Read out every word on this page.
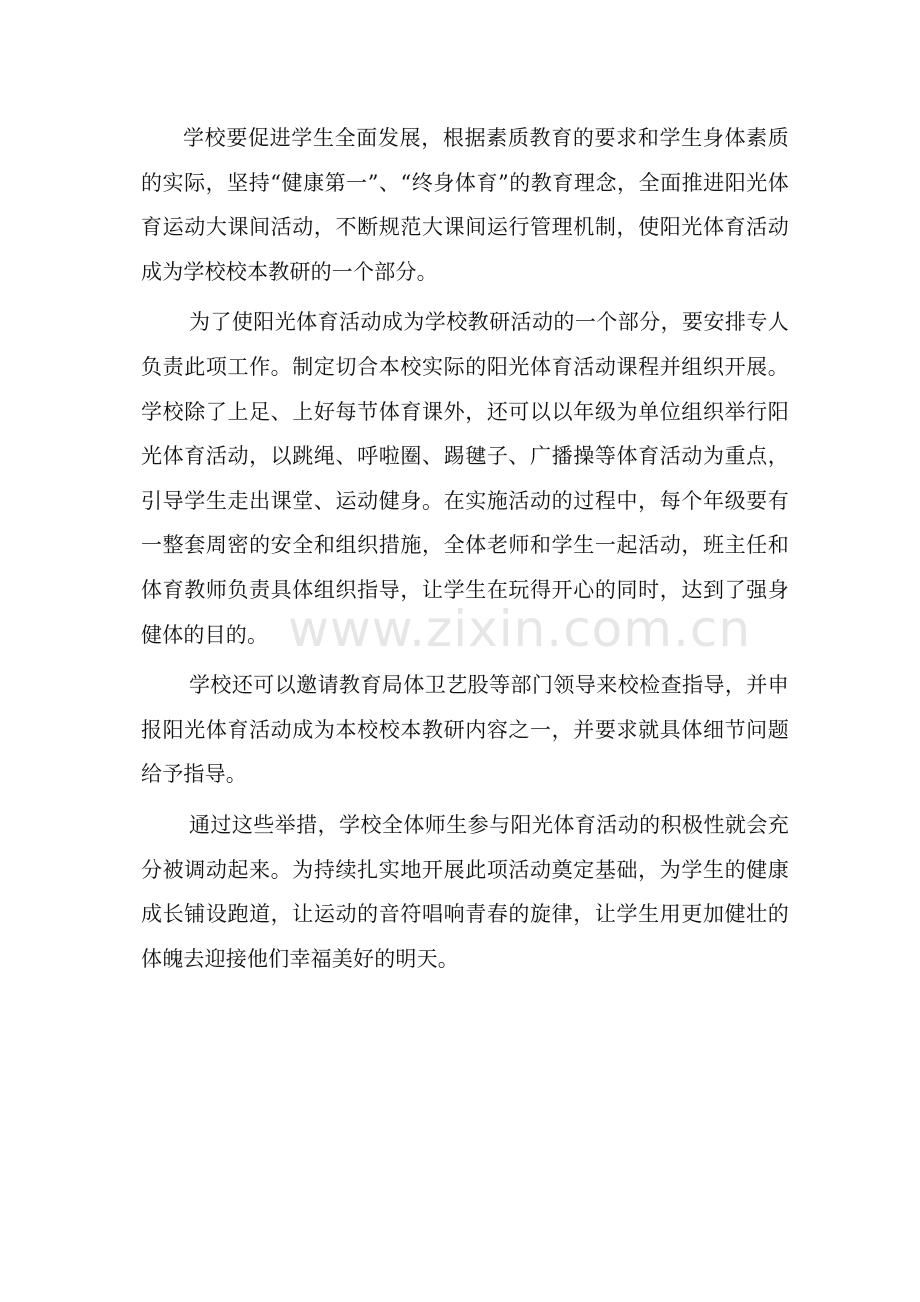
学校要促进学生全面发展，根据素质教育的要求和学生身体素质的实际，坚持“健康第一”、“终身体育”的教育理念，全面推进阳光体育运动大课间活动，不断规范大课间运行管理机制，使阳光体育活动成为学校校本教研的一个部分。

为了使阳光体育活动成为学校教研活动的一个部分，要安排专人负责此项工作。制定切合本校实际的阳光体育活动课程并组织开展。学校除了上足、上好每节体育课外，还可以以年级为单位组织举行阳光体育活动，以跳绳、呼啦圈、踢毽子、广播操等体育活动为重点，引导学生走出课堂、运动健身。在实施活动的过程中，每个年级要有一整套周密的安全和组织措施，全体老师和学生一起活动，班主任和体育教师负责具体组织指导，让学生在玩得开心的同时，达到了强身健体的目的。

学校还可以邀请教育局体卫艺股等部门领导来校检查指导，并申报阳光体育活动成为本校校本教研内容之一，并要求就具体细节问题给予指导。

通过这些举措，学校全体师生参与阳光体育活动的积极性就会充分被调动起来。为持续扎实地开展此项活动奠定基础，为学生的健康成长铺设跑道，让运动的音符唱响青春的旋律，让学生用更加健壮的体魄去迎接他们幸福美好的明天。

www.zixin.com.cn
